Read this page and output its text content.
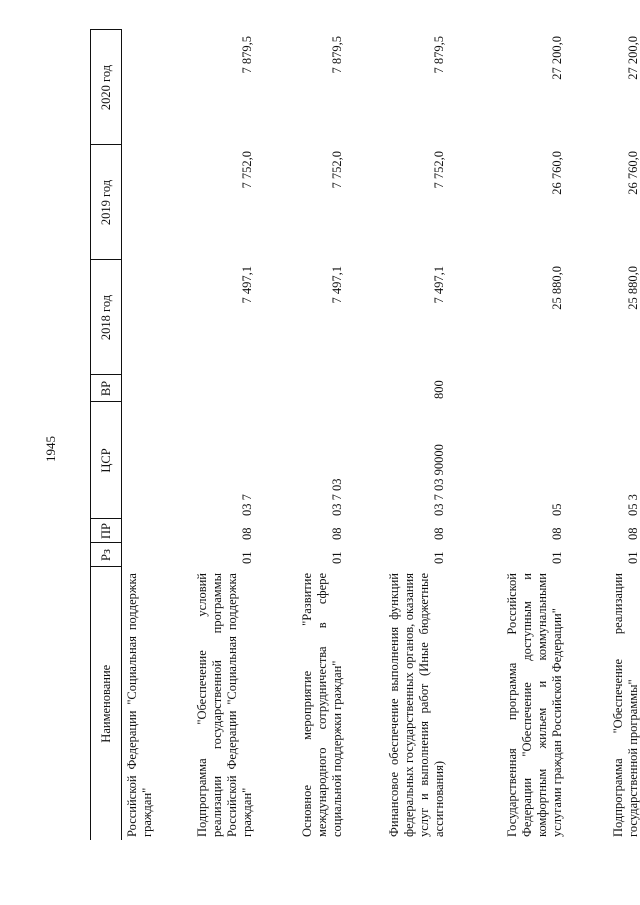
1945
Наименование	Рз	ПР	ЦСР	ВР	2018 год	2019 год	2020 год
Российской Федерации "Социальная поддержка граждан"							
Подпрограмма "Обеспечение условий реализации государственной программы Российской Федерации "Социальная поддержка граждан"	01	08	03 7		7 497,1	7 752,0	7 879,5
Основное мероприятие "Развитие международного сотрудничества в сфере социальной поддержки граждан"	01	08	03 7 03		7 497,1	7 752,0	7 879,5
Финансовое обеспечение выполнения функций федеральных государственных органов, оказания услуг и выполнения работ (Иные бюджетные ассигнования)	01	08	03 7 03 90000	800	7 497,1	7 752,0	7 879,5
Государственная программа Российской Федерации "Обеспечение доступным и комфортным жильем и коммунальными услугами граждан Российской Федерации"	01	08	05		25 880,0	26 760,0	27 200,0
Подпрограмма "Обеспечение реализации государственной программы"	01	08	05 3		25 880,0	26 760,0	27 200,0
